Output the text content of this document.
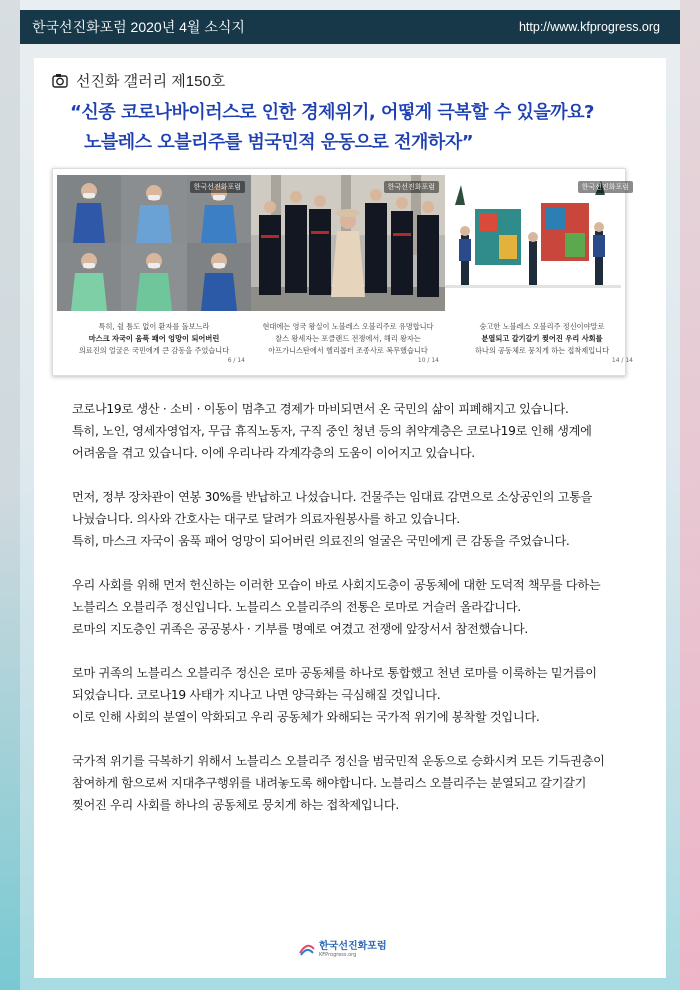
한국선진화포럼 2020년 4월 소식지	http://www.kfprogress.org
선진화 갤러리 제150호
“신종 코로나바이러스로 인한 경제위기, 어떻게 극복할 수 있을까요?
노블레스 오블리주를 범국민적 운동으로 전개하자”
한국선진화포럼
특히, 쉴 틈도 없이 환자를 돌보느라
마스크 자국이 움푹 패어 엉망이 되어버린
의료진의 얼굴은 국민에게 큰 감동을 주었습니다
6 / 14
한국선진화포럼
현대에는 영국 왕실이 노블레스 오블리주로 유명합니다
찰스 왕세자는 포클랜드 전쟁에서, 해리 왕자는
아프가니스탄에서 헬리콥터 조종사로 복무했습니다
10 / 14
한국선진화포럼
숭고한 노블레스 오블리주 정신이야말로
분열되고 갈기갈기 찢어진 우리 사회를
하나의 공동체로 뭉치게 하는 접착제입니다
14 / 14

코로나19로 생산 · 소비 · 이동이 멈추고 경제가 마비되면서 온 국민의 삶이 피폐해지고 있습니다.
특히, 노인, 영세자영업자, 무급 휴직노동자, 구직 중인 청년 등의 취약계층은 코로나19로 인해 생계에
어려움을 겪고 있습니다. 이에 우리나라 각계각층의 도움이 이어지고 있습니다.

먼저, 정부 장차관이 연봉 30%를 반납하고 나섰습니다. 건물주는 임대료 감면으로 소상공인의 고통을
나눴습니다. 의사와 간호사는 대구로 달려가 의료자원봉사를 하고 있습니다.
특히, 마스크 자국이 움푹 패어 엉망이 되어버린 의료진의 얼굴은 국민에게 큰 감동을 주었습니다.

우리 사회를 위해 먼저 헌신하는 이러한 모습이 바로 사회지도층이 공동체에 대한 도덕적 책무를 다하는
노블리스 오블리주 정신입니다. 노블리스 오블리주의 전통은 로마로 거슬러 올라갑니다.
로마의 지도층인 귀족은 공공봉사 · 기부를 명예로 여겼고 전쟁에 앞장서서 참전했습니다.

로마 귀족의 노블리스 오블리주 정신은 로마 공동체를 하나로 통합했고 천년 로마를 이룩하는 밑거름이
되었습니다. 코로나19 사태가 지나고 나면 양극화는 극심해질 것입니다.
이로 인해 사회의 분열이 악화되고 우리 공동체가 와해되는 국가적 위기에 봉착할 것입니다.

국가적 위기를 극복하기 위해서 노블리스 오블리주 정신을 범국민적 운동으로 승화시켜 모든 기득권층이
참여하게 함으로써 지대추구행위를 내려놓도록 해야합니다. 노블리스 오블리주는 분열되고 갈기갈기
찢어진 우리 사회를 하나의 공동체로 뭉치게 하는 접착제입니다.

한국선진화포럼
KFProgress.org
